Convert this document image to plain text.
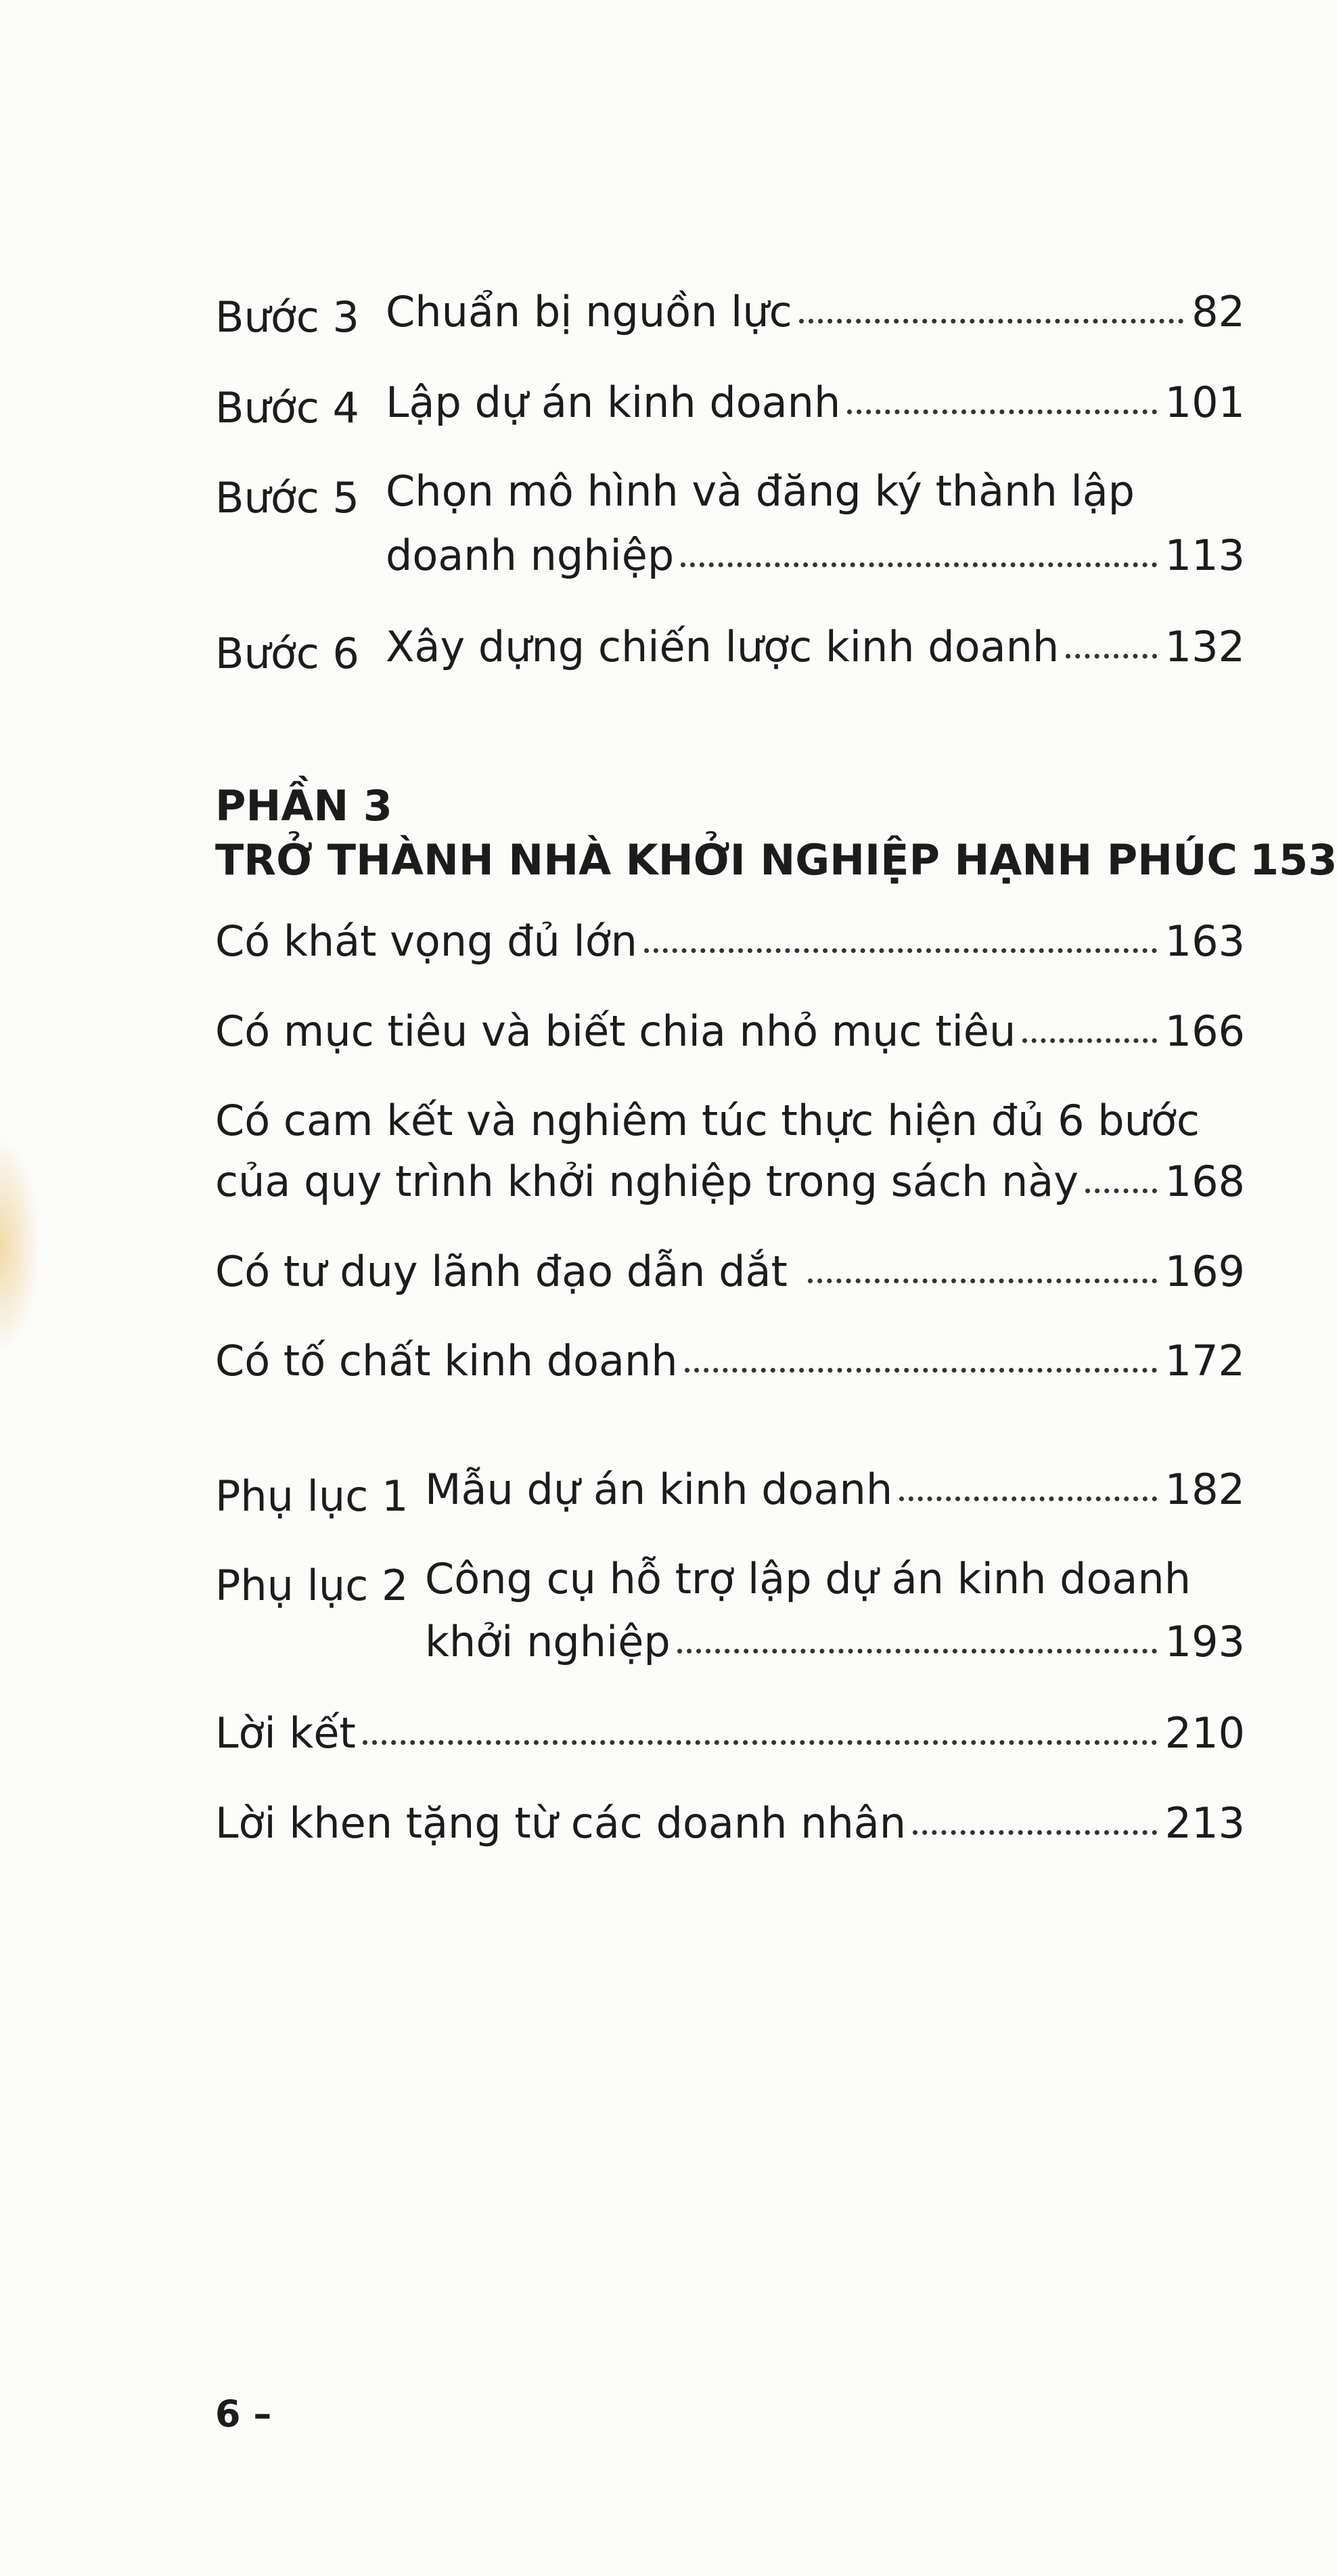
Bước 3 Chuẩn bị nguồn lực	82
Bước 4 Lập dự án kinh doanh	101
Bước 5 Chọn mô hình và đăng ký thành lập
doanh nghiệp	113
Bước 6 Xây dựng chiến lược kinh doanh	132
PHẦN 3
TRỞ THÀNH NHÀ KHỞI NGHIỆP HẠNH PHÚC 153
Có khát vọng đủ lớn	163
Có mục tiêu và biết chia nhỏ mục tiêu	166
Có cam kết và nghiêm túc thực hiện đủ 6 bước
của quy trình khởi nghiệp trong sách này 168
Có tư duy lãnh đạo dẫn dắt	169
Có tố chất kinh doanh	172
Phụ lục 1 Mẫu dự án kinh doanh	182
Phụ lục 2 Công cụ hỗ trợ lập dự án kinh doanh
khởi nghiệp	193
Lời kết	210
Lời khen tặng từ các doanh nhân	213
6 –
